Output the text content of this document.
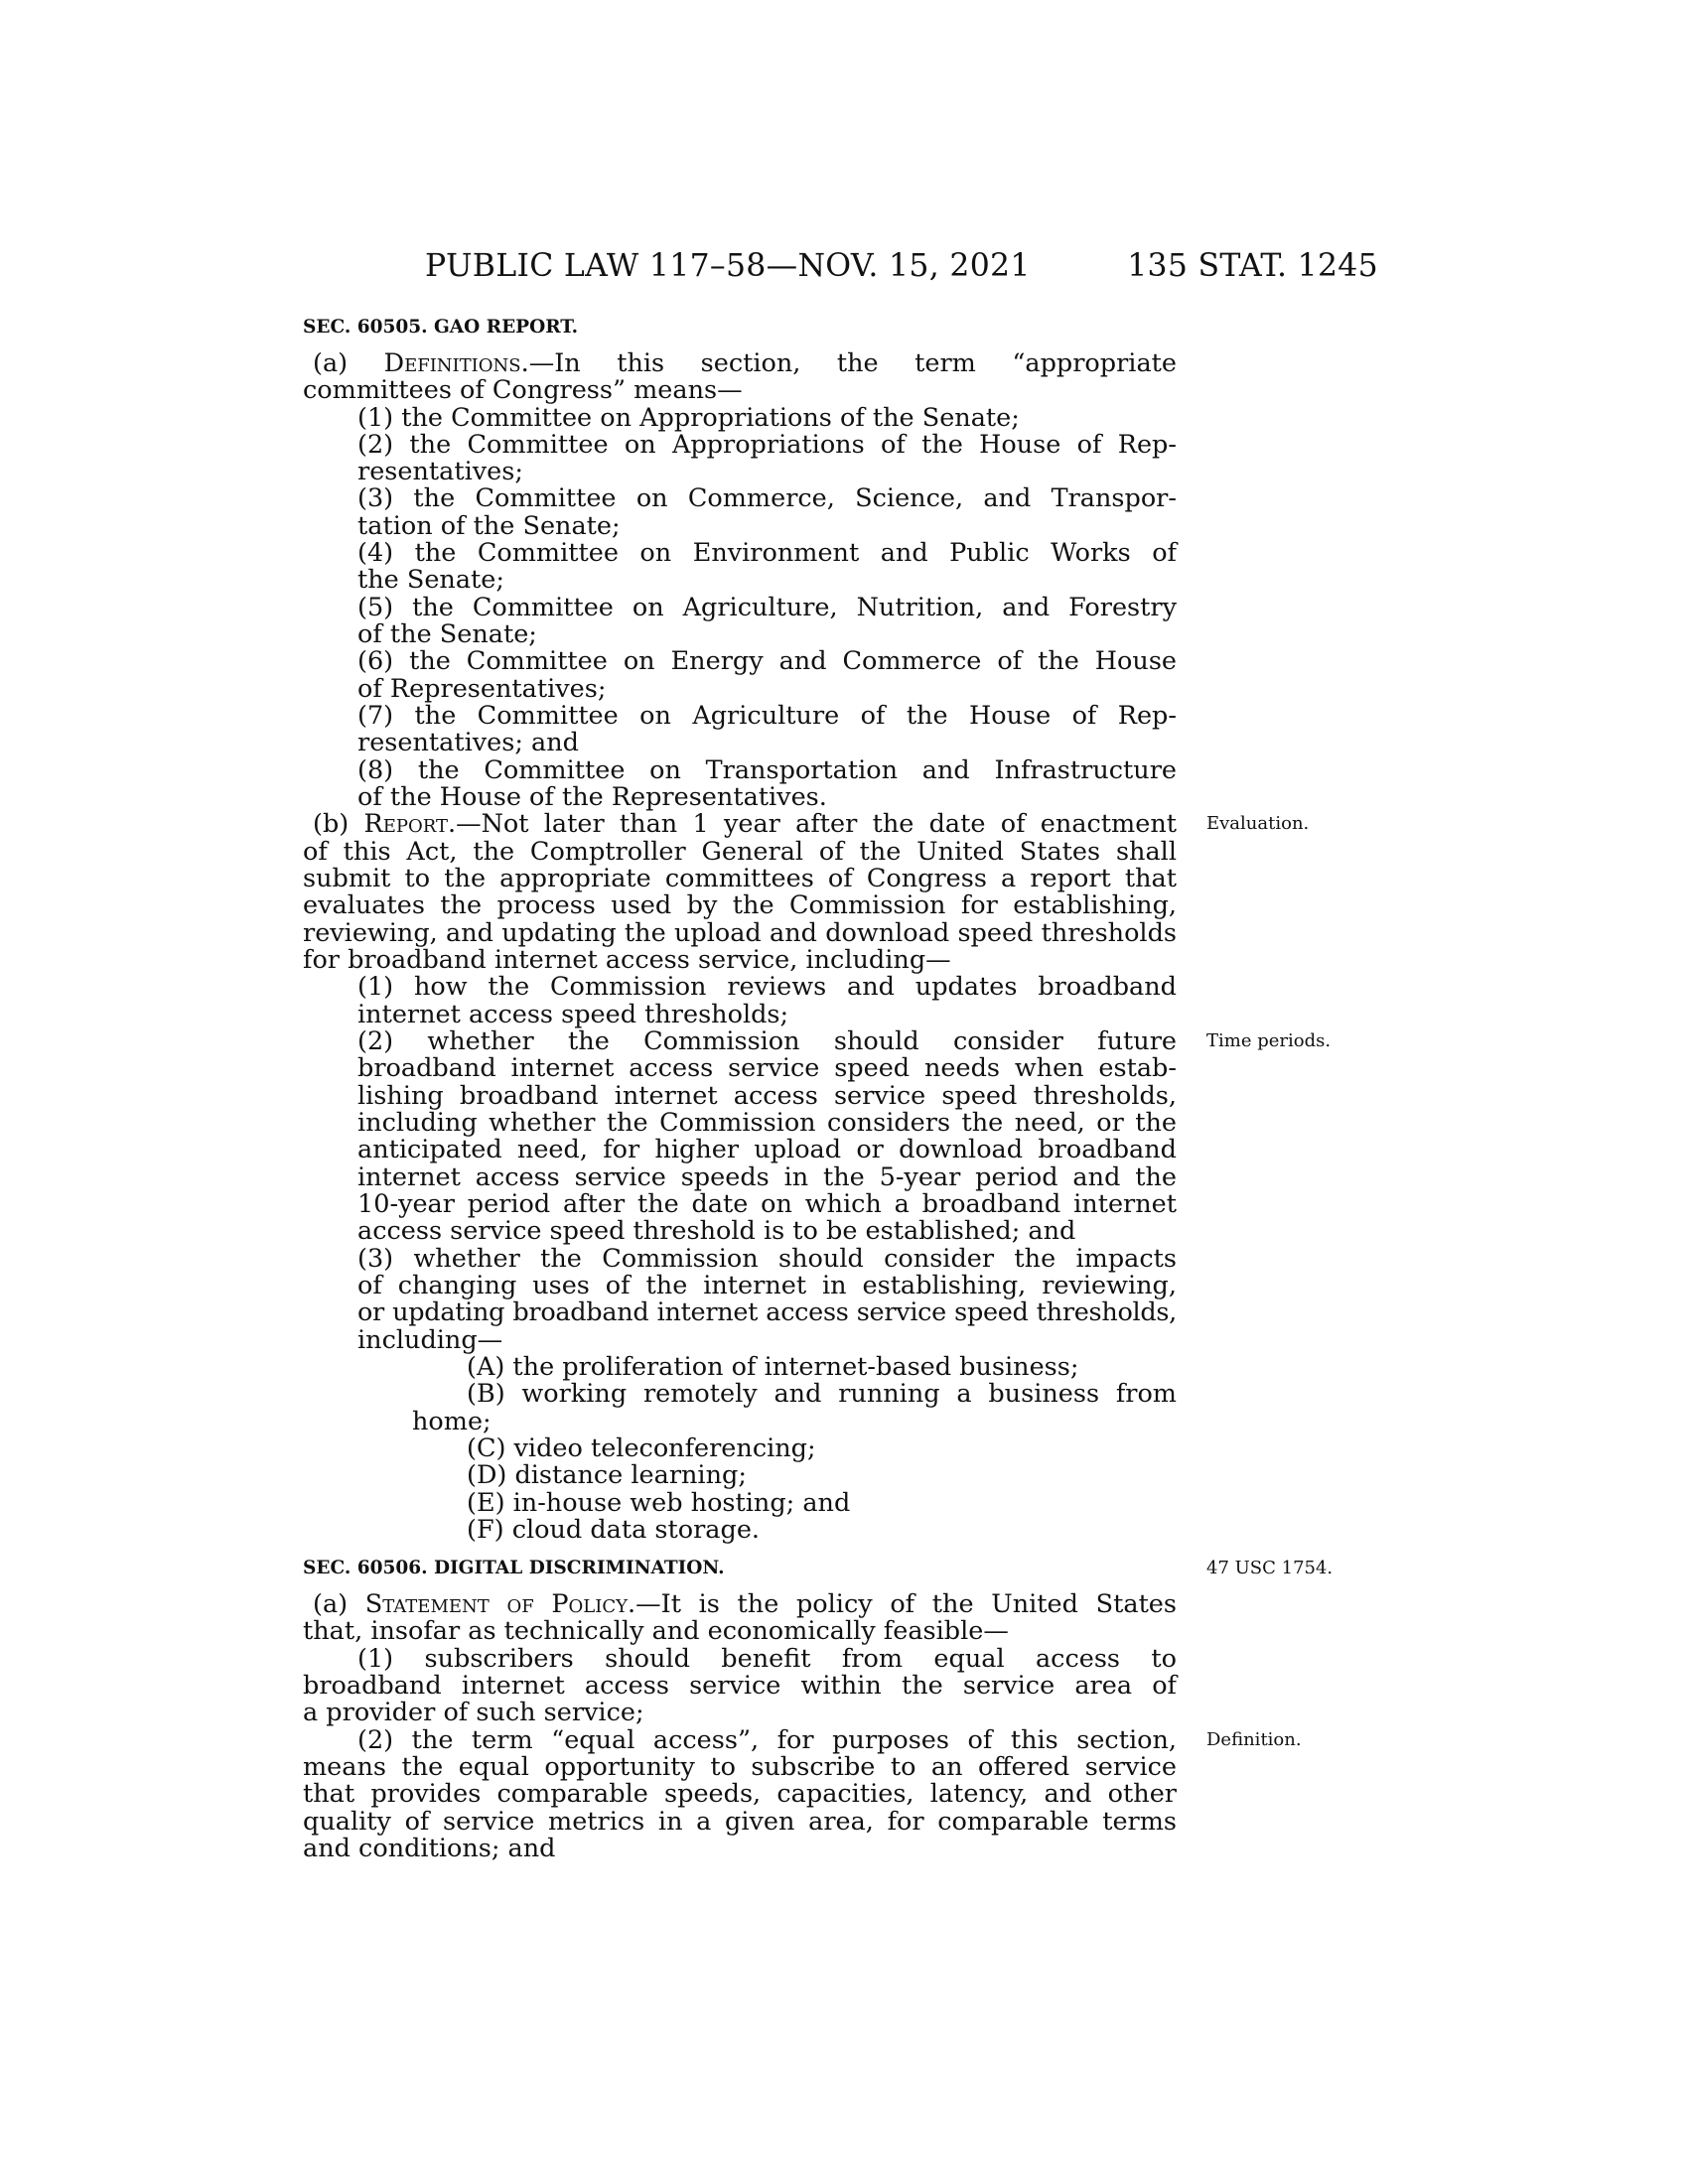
PUBLIC LAW 117–58—NOV. 15, 2021	135 STAT. 1245
SEC. 60505. GAO REPORT.
(a) Definitions.—In this section, the term “appropriate
committees of Congress” means—
(1) the Committee on Appropriations of the Senate;
(2) the Committee on Appropriations of the House of Rep-
resentatives;
(3) the Committee on Commerce, Science, and Transpor-
tation of the Senate;
(4) the Committee on Environment and Public Works of
the Senate;
(5) the Committee on Agriculture, Nutrition, and Forestry
of the Senate;
(6) the Committee on Energy and Commerce of the House
of Representatives;
(7) the Committee on Agriculture of the House of Rep-
resentatives; and
(8) the Committee on Transportation and Infrastructure
of the House of the Representatives.
(b) Report.—Not later than 1 year after the date of enactment Evaluation.
of this Act, the Comptroller General of the United States shall
submit to the appropriate committees of Congress a report that
evaluates the process used by the Commission for establishing,
reviewing, and updating the upload and download speed thresholds
for broadband internet access service, including—
(1) how the Commission reviews and updates broadband
internet access speed thresholds;
(2) whether the Commission should consider future Time periods.
broadband internet access service speed needs when estab-
lishing broadband internet access service speed thresholds,
including whether the Commission considers the need, or the
anticipated need, for higher upload or download broadband
internet access service speeds in the 5-year period and the
10-year period after the date on which a broadband internet
access service speed threshold is to be established; and
(3) whether the Commission should consider the impacts
of changing uses of the internet in establishing, reviewing,
or updating broadband internet access service speed thresholds,
including—
(A) the proliferation of internet-based business;
(B) working remotely and running a business from
home;
(C) video teleconferencing;
(D) distance learning;
(E) in-house web hosting; and
(F) cloud data storage.
SEC. 60506. DIGITAL DISCRIMINATION.	47 USC 1754.
(a) Statement of Policy.—It is the policy of the United States
that, insofar as technically and economically feasible—
(1) subscribers should benefit from equal access to
broadband internet access service within the service area of
a provider of such service;
(2) the term “equal access”, for purposes of this section, Definition.
means the equal opportunity to subscribe to an offered service
that provides comparable speeds, capacities, latency, and other
quality of service metrics in a given area, for comparable terms
and conditions; and
